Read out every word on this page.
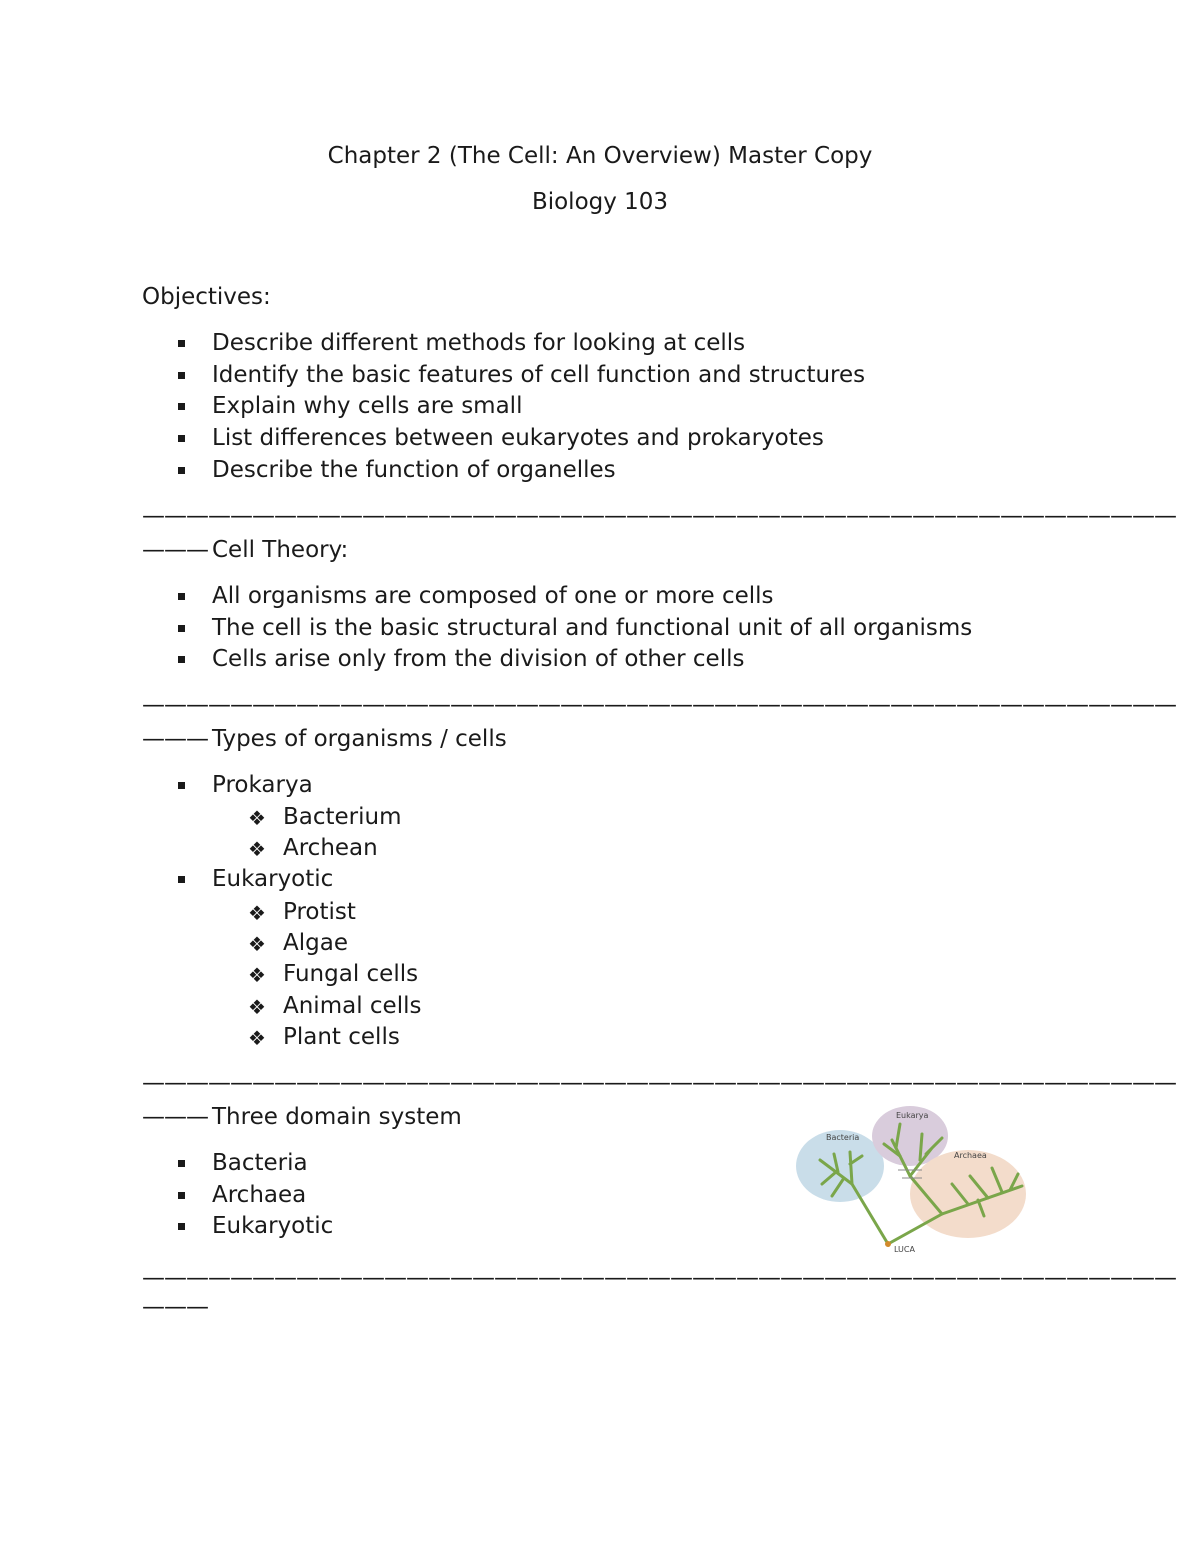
Chapter 2 (The Cell: An Overview) Master Copy
Biology 103
Objectives:
Describe different methods for looking at cells
Identify the basic features of cell function and structures
Explain why cells are small
List differences between eukaryotes and prokaryotes
Describe the function of organelles
———————————————————————————————————————————————
——— Cell Theory:
All organisms are composed of one or more cells
The cell is the basic structural and functional unit of all organisms
Cells arise only from the division of other cells
———————————————————————————————————————————————
——— Types of organisms / cells
Prokarya
❖ Bacterium
❖ Archean
Eukaryotic
❖ Protist
❖ Algae
❖ Fungal cells
❖ Animal cells
❖ Plant cells
———————————————————————————————————————————————
——— Three domain system
Bacteria
Archaea
Eukaryotic
Bacteria
Eukarya
Archaea
LUCA
———————————————————————————————————————————————
———
